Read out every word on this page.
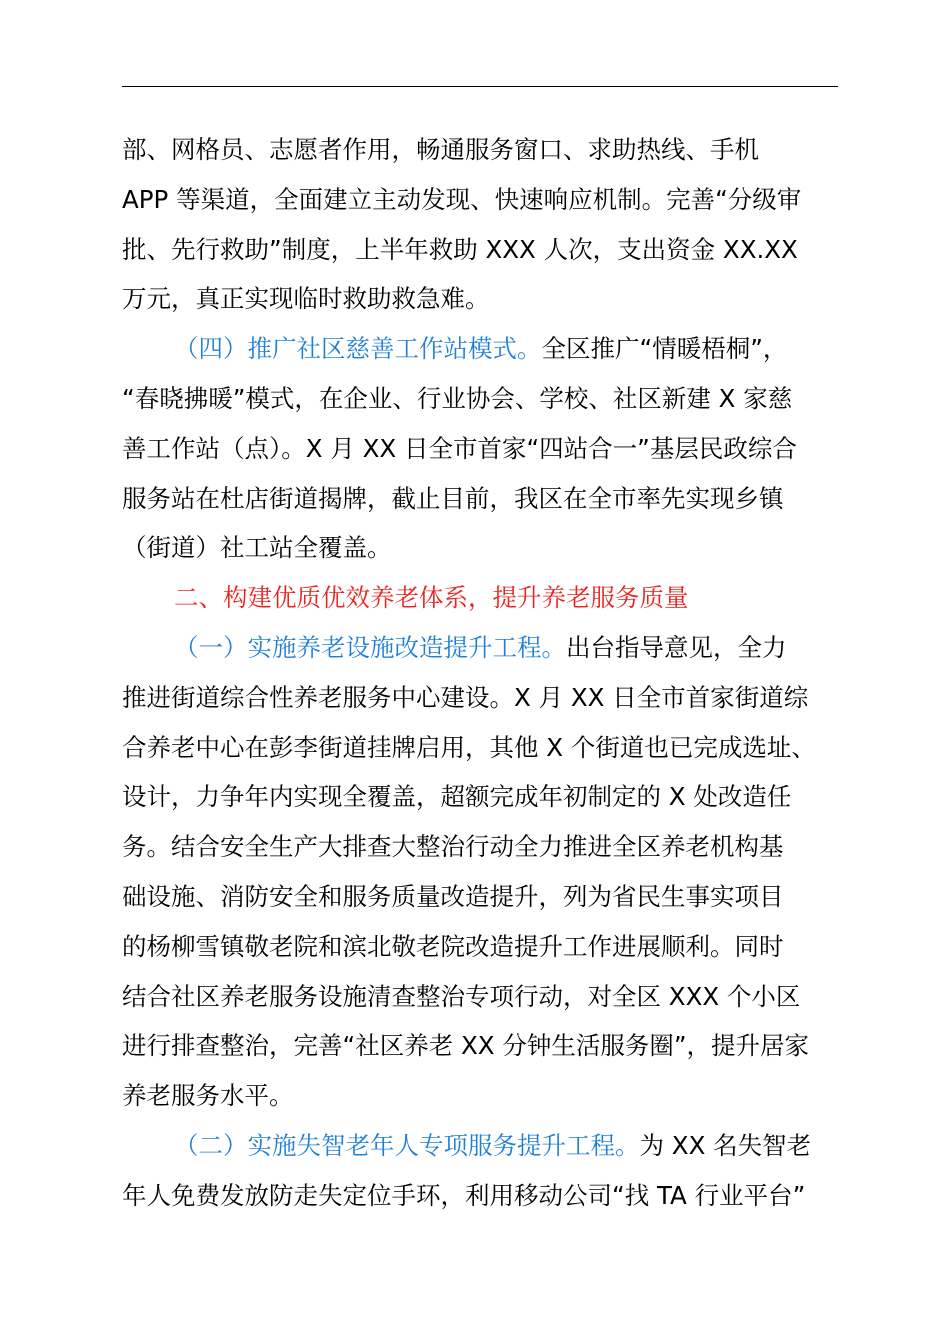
部、网格员、志愿者作用，畅通服务窗口、求助热线、手机
APP 等渠道，全面建立主动发现、快速响应机制。完善“分级审
批、先行救助”制度，上半年救助 XXX 人次，支出资金 XX.XX
万元，真正实现临时救助救急难。
（四）推广社区慈善工作站模式。全区推广“情暖梧桐”，
“春晓拂暖”模式，在企业、行业协会、学校、社区新建 X 家慈
善工作站（点）。X 月 XX 日全市首家“四站合一”基层民政综合
服务站在杜店街道揭牌，截止目前，我区在全市率先实现乡镇
（街道）社工站全覆盖。
二、构建优质优效养老体系，提升养老服务质量
（一）实施养老设施改造提升工程。出台指导意见，全力
推进街道综合性养老服务中心建设。X 月 XX 日全市首家街道综
合养老中心在彭李街道挂牌启用，其他 X 个街道也已完成选址、
设计，力争年内实现全覆盖，超额完成年初制定的 X 处改造任
务。结合安全生产大排查大整治行动全力推进全区养老机构基
础设施、消防安全和服务质量改造提升，列为省民生事实项目
的杨柳雪镇敬老院和滨北敬老院改造提升工作进展顺利。同时
结合社区养老服务设施清查整治专项行动，对全区 XXX 个小区
进行排查整治，完善“社区养老 XX 分钟生活服务圈”，提升居家
养老服务水平。
（二）实施失智老年人专项服务提升工程。为 XX 名失智老
年人免费发放防走失定位手环，利用移动公司“找 TA 行业平台”
